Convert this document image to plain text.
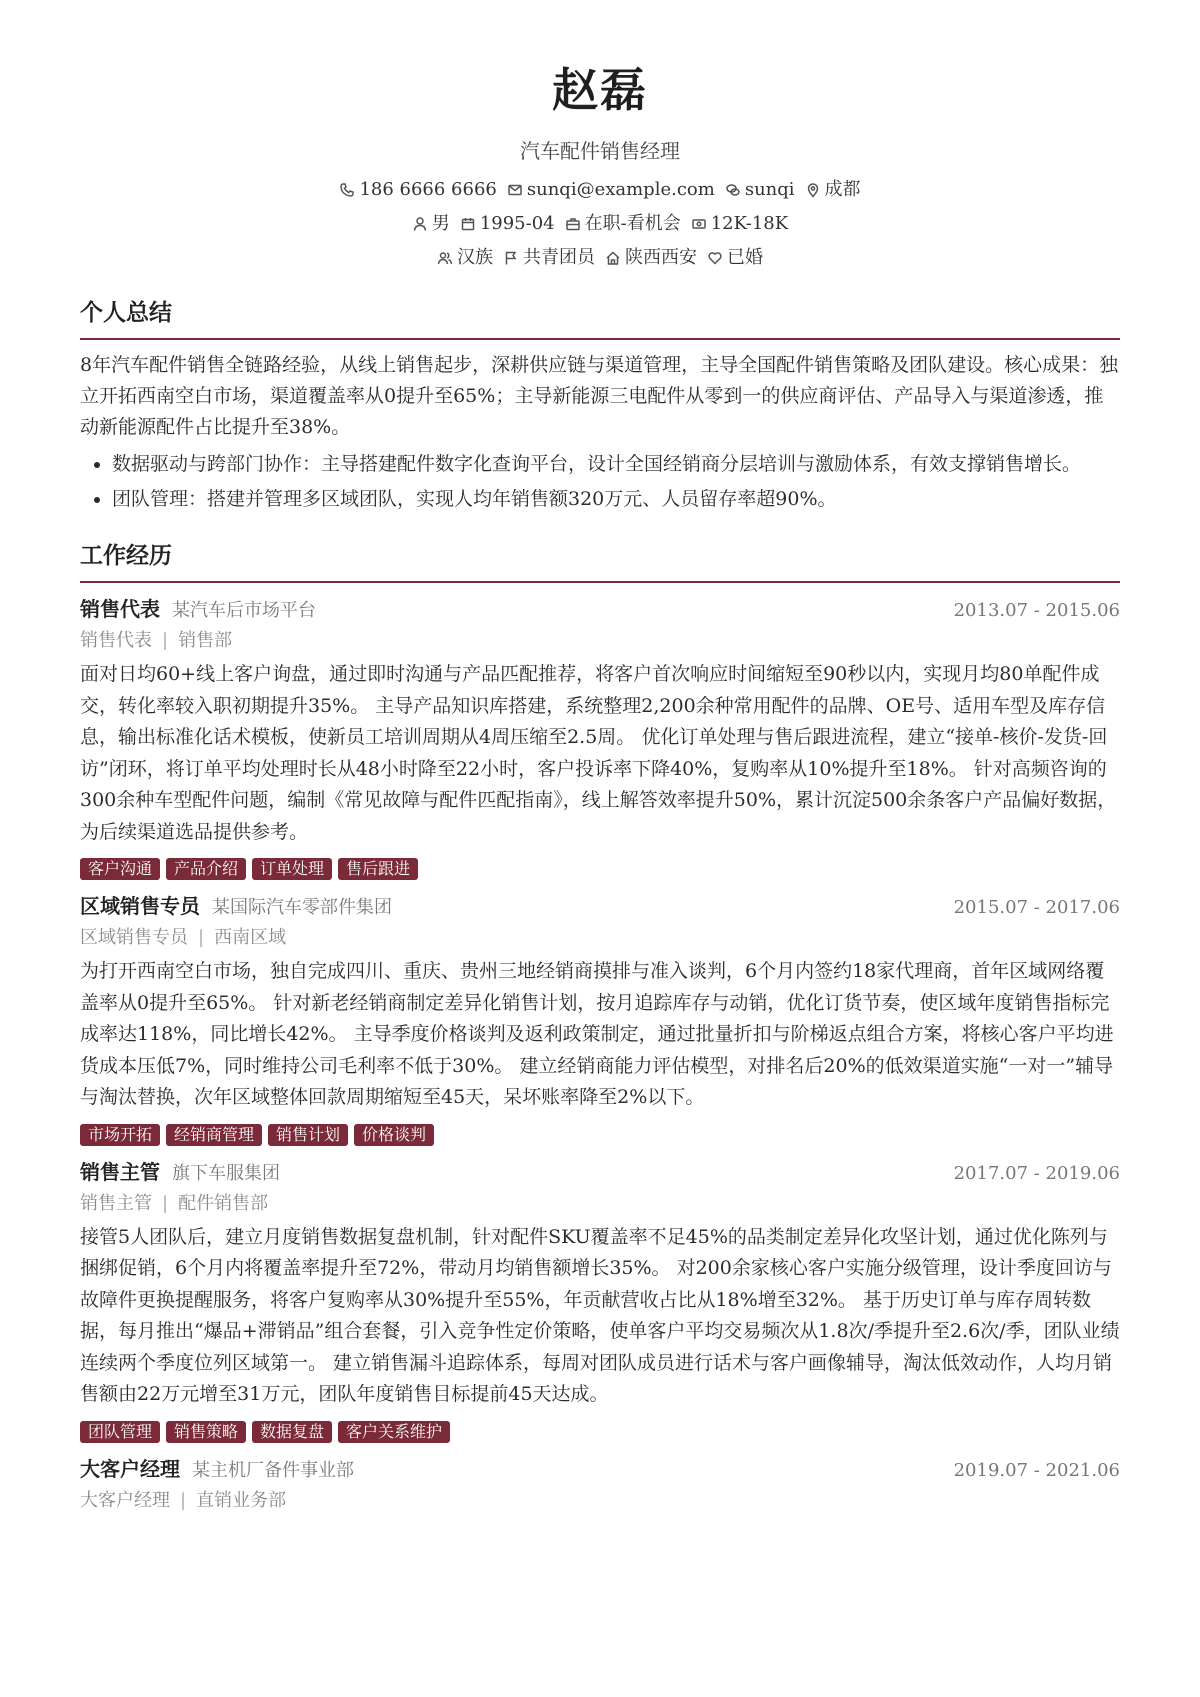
赵磊
汽车配件销售经理
186 6666 6666 sunqi@example.com sunqi 成都
男 1995-04 在职-看机会 12K-18K
汉族 共青团员 陕西西安 已婚
个人总结
8年汽车配件销售全链路经验，从线上销售起步，深耕供应链与渠道管理，主导全国配件销售策略及团队建设。核心成果：独立开拓西南空白市场，渠道覆盖率从0提升至65%；主导新能源三电配件从零到一的供应商评估、产品导入与渠道渗透，推动新能源配件占比提升至38%。
• 数据驱动与跨部门协作：主导搭建配件数字化查询平台，设计全国经销商分层培训与激励体系，有效支撑销售增长。
• 团队管理：搭建并管理多区域团队，实现人均年销售额320万元、人员留存率超90%。
工作经历
销售代表 某汽车后市场平台	2013.07 - 2015.06
销售代表 | 销售部
面对日均60+线上客户询盘，通过即时沟通与产品匹配推荐，将客户首次响应时间缩短至90秒以内，实现月均80单配件成交，转化率较入职初期提升35%。 主导产品知识库搭建，系统整理2,200余种常用配件的品牌、OE号、适用车型及库存信息，输出标准化话术模板，使新员工培训周期从4周压缩至2.5周。 优化订单处理与售后跟进流程，建立“接单-核价-发货-回访”闭环，将订单平均处理时长从48小时降至22小时，客户投诉率下降40%，复购率从10%提升至18%。 针对高频咨询的300余种车型配件问题，编制《常见故障与配件匹配指南》，线上解答效率提升50%，累计沉淀500余条客户产品偏好数据，为后续渠道选品提供参考。
客户沟通	产品介绍	订单处理	售后跟进
区域销售专员 某国际汽车零部件集团	2015.07 - 2017.06
区域销售专员 | 西南区域
为打开西南空白市场，独自完成四川、重庆、贵州三地经销商摸排与准入谈判，6个月内签约18家代理商，首年区域网络覆盖率从0提升至65%。 针对新老经销商制定差异化销售计划，按月追踪库存与动销，优化订货节奏，使区域年度销售指标完成率达118%，同比增长42%。 主导季度价格谈判及返利政策制定，通过批量折扣与阶梯返点组合方案，将核心客户平均进货成本压低7%，同时维持公司毛利率不低于30%。 建立经销商能力评估模型，对排名后20%的低效渠道实施“一对一”辅导与淘汰替换，次年区域整体回款周期缩短至45天，呆坏账率降至2%以下。
市场开拓	经销商管理	销售计划	价格谈判
销售主管 旗下车服集团	2017.07 - 2019.06
销售主管 | 配件销售部
接管5人团队后，建立月度销售数据复盘机制，针对配件SKU覆盖率不足45%的品类制定差异化攻坚计划，通过优化陈列与捆绑促销，6个月内将覆盖率提升至72%，带动月均销售额增长35%。 对200余家核心客户实施分级管理，设计季度回访与故障件更换提醒服务，将客户复购率从30%提升至55%，年贡献营收占比从18%增至32%。 基于历史订单与库存周转数据，每月推出“爆品+滞销品”组合套餐，引入竞争性定价策略，使单客户平均交易频次从1.8次/季提升至2.6次/季，团队业绩连续两个季度位列区域第一。 建立销售漏斗追踪体系，每周对团队成员进行话术与客户画像辅导，淘汰低效动作，人均月销售额由22万元增至31万元，团队年度销售目标提前45天达成。
团队管理	销售策略	数据复盘	客户关系维护
大客户经理 某主机厂备件事业部	2019.07 - 2021.06
大客户经理 | 直销业务部
